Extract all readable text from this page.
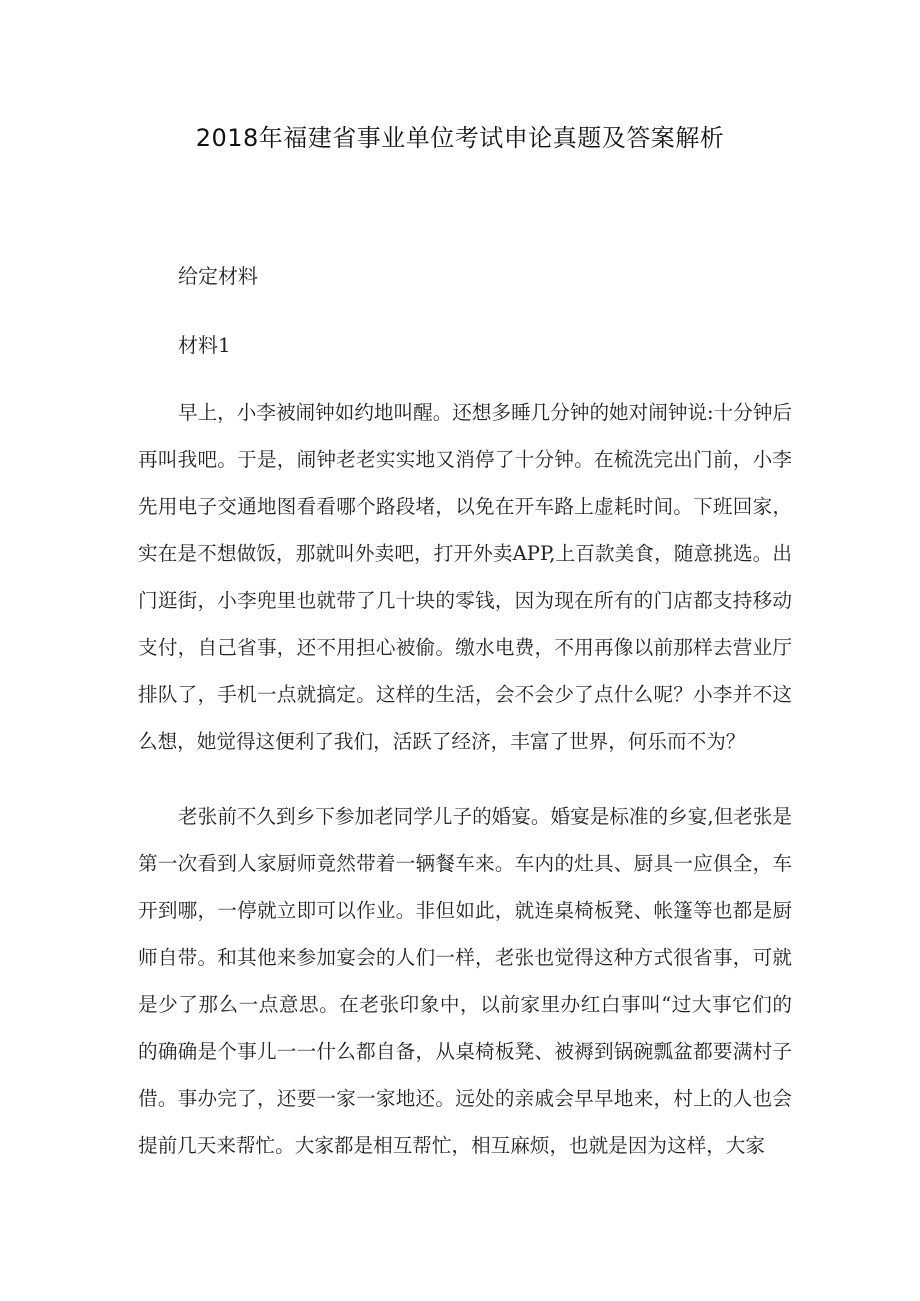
2018年福建省事业单位考试申论真题及答案解析

给定材料

材料1

早上，小李被闹钟如约地叫醒。还想多睡几分钟的她对闹钟说:十分钟后再叫我吧。于是，闹钟老老实实地又消停了十分钟。在梳洗完出门前，小李先用电子交通地图看看哪个路段堵，以免在开车路上虚耗时间。下班回家，实在是不想做饭，那就叫外卖吧，打开外卖APP,上百款美食，随意挑选。出门逛街，小李兜里也就带了几十块的零钱，因为现在所有的门店都支持移动支付，自己省事，还不用担心被偷。缴水电费，不用再像以前那样去营业厅排队了，手机一点就搞定。这样的生活，会不会少了点什么呢？小李并不这么想，她觉得这便利了我们，活跃了经济，丰富了世界，何乐而不为？

老张前不久到乡下参加老同学儿子的婚宴。婚宴是标准的乡宴,但老张是第一次看到人家厨师竟然带着一辆餐车来。车内的灶具、厨具一应俱全，车开到哪，一停就立即可以作业。非但如此，就连桌椅板凳、帐篷等也都是厨师自带。和其他来参加宴会的人们一样，老张也觉得这种方式很省事，可就是少了那么一点意思。在老张印象中，以前家里办红白事叫“过大事它们的的确确是个事儿一一什么都自备，从桌椅板凳、被褥到锅碗瓢盆都要满村子借。事办完了，还要一家一家地还。远处的亲戚会早早地来，村上的人也会提前几天来帮忙。大家都是相互帮忙，相互麻烦，也就是因为这样，大家
